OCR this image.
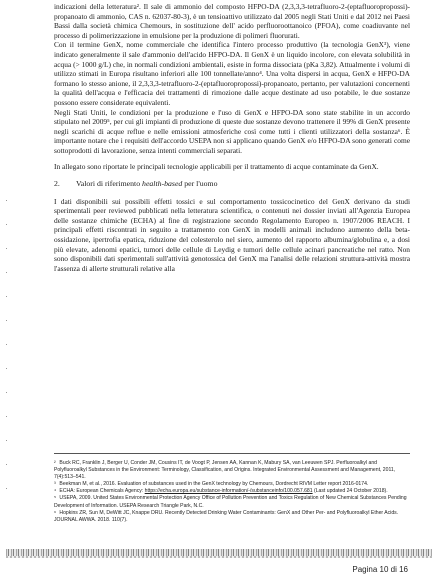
indicazioni della letteratura². Il sale di ammonio del composto HFPO-DA (2,3,3,3-tetrafluoro-2-(eptafluoropropossi)-propanoato di ammonio, CAS n. 62037-80-3), è un tensioattivo utilizzato dal 2005 negli Stati Uniti e dal 2012 nei Paesi Bassi dalla società chimica Chemours, in sostituzione dell' acido perfluoroottanoico (PFOA), come coadiuvante nel processo di polimerizzazione in emulsione per la produzione di polimeri fluorurati.

Con il termine GenX, nome commerciale che identifica l'intero processo produttivo (la tecnologia GenX³), viene indicato generalmente il sale d'ammonio dell'acido HFPO-DA. Il GenX è un liquido incolore, con elevata solubilità in acqua (> 1000 g/L) che, in normali condizioni ambientali, esiste in forma dissociata (pKa 3,82). Attualmente i volumi di utilizzo stimati in Europa risultano inferiori alle 100 tonnellate/anno⁴. Una volta dispersi in acqua, GenX e HFPO-DA formano lo stesso anione, il 2,3,3,3-tetrafluoro-2-(eptafluoropropossi)-propanoato, pertanto, per valutazioni concernenti la qualità dell'acqua e l'efficacia dei trattamenti di rimozione dalle acque destinate ad uso potabile, le due sostanze possono essere considerate equivalenti.

Negli Stati Uniti, le condizioni per la produzione e l'uso di GenX e HFPO-DA sono state stabilite in un accordo stipulato nel 2009⁵, per cui gli impianti di produzione di queste due sostanze devono trattenere il 99% di GenX presente negli scarichi di acque reflue e nelle emissioni atmosferiche così come tutti i clienti utilizzatori della sostanza⁶. È importante notare che i requisiti dell'accordo USEPA non si applicano quando GenX e/o HFPO-DA sono generati come sottoprodotti di lavorazione, senza intenti commerciali separati.

In allegato sono riportate le principali tecnologie applicabili per il trattamento di acque contaminate da GenX.

2. Valori di riferimento health-based per l'uomo

I dati disponibili sui possibili effetti tossici e sul comportamento tossicocinetico del GenX derivano da studi sperimentali peer reviewed pubblicati nella letteratura scientifica, o contenuti nei dossier inviati all'Agenzia Europea delle sostanze chimiche (ECHA) al fine di registrazione secondo Regolamento Europeo n. 1907/2006 REACH. I principali effetti riscontrati in seguito a trattamento con GenX in modelli animali includono aumento della beta-ossidazione, ipertrofia epatica, riduzione del colesterolo nel siero, aumento del rapporto albumina/globulina e, a dosi più elevate, adenomi epatici, tumori delle cellule di Leydig e tumori delle cellule acinari pancreatiche nel ratto. Non sono disponibili dati sperimentali sull'attività genotossica del GenX ma l'analisi delle relazioni struttura-attività mostra l'assenza di allerte strutturali relative alla

² Buck RC, Franklin J, Berger U, Conder JM, Cousins IT, de Voogt P, Jensen AA, Kannan K, Mabury SA, van Leeuwen SPJ. Perfluoroalkyl and Polyfluoroalkyl Substances in the Environment: Terminology, Classification, and Origins. Integrated Environmental Assessment and Management, 2011, 7(4):513–541.

³ Beekman M, et al., 2016. Evaluation of substances used in the GenX technology by Chemours, Dordrecht RIVM Letter report 2016-0174.

⁴ ECHA: European Chemicals Agency: https://echa.europa.eu/substance-information/-/substanceinfo/100.057.681 (Last updated 24 October 2018).

⁵ USEPA, 2009. United States Environmental Protection Agency Office of Pollution Prevention and Toxics Regulation of New Chemical Substances Pending Development of Information. USEPA Research Triangle Park, N.C.

⁶ Hopkins ZR, Sun M, DeWitt JC, Knappe DRU. Recently Detected Drinking Water Contaminants: GenX and Other Per- and Polyfluoroalkyl Ether Acids. JOURNAL AWWA. 2018. 110(7).

Pagina 10 di 16
